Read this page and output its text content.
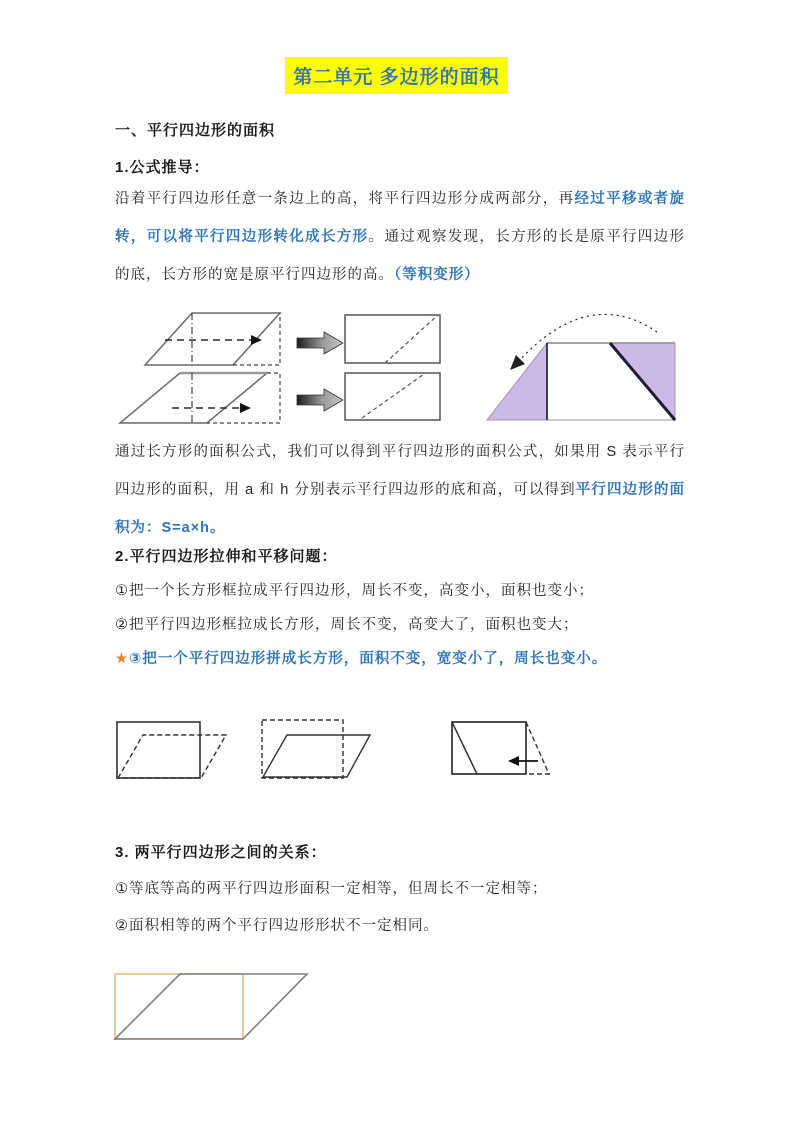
第二单元 多边形的面积
一、平行四边形的面积
1.公式推导：
沿着平行四边形任意一条边上的高，将平行四边形分成两部分，再经过平移或者旋转，可以将平行四边形转化成长方形。通过观察发现，长方形的长是原平行四边形的底，长方形的宽是原平行四边形的高。（等积变形）
通过长方形的面积公式，我们可以得到平行四边形的面积公式，如果用 S 表示平行四边形的面积，用 a 和 h 分别表示平行四边形的底和高，可以得到平行四边形的面积为：S=a×h。
2.平行四边形拉伸和平移问题：
①把一个长方形框拉成平行四边形，周长不变，高变小，面积也变小；
②把平行四边形框拉成长方形，周长不变，高变大了，面积也变大；
★③把一个平行四边形拼成长方形，面积不变，宽变小了，周长也变小。
3. 两平行四边形之间的关系：
①等底等高的两平行四边形面积一定相等，但周长不一定相等；
②面积相等的两个平行四边形形状不一定相同。
